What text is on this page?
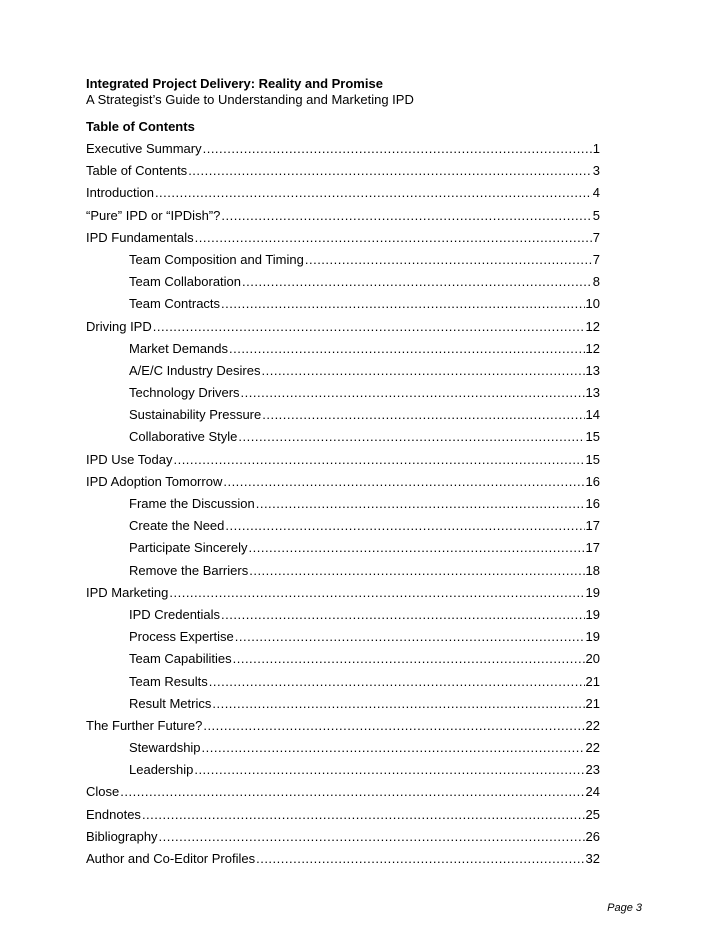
Integrated Project Delivery: Reality and Promise
A Strategist’s Guide to Understanding and Marketing IPD
Table of Contents
Executive Summary .....	1
Table of Contents .....	3
Introduction .....	4
“Pure” IPD or “IPDish”? .....	5
IPD Fundamentals .....	7
Team Composition and Timing .....	7
Team Collaboration .....	8
Team Contracts .....	10
Driving IPD .....	12
Market Demands .....	12
A/E/C Industry Desires .....	13
Technology Drivers .....	13
Sustainability Pressure .....	14
Collaborative Style .....	15
IPD Use Today .....	15
IPD Adoption Tomorrow .....	16
Frame the Discussion .....	16
Create the Need .....	17
Participate Sincerely .....	17
Remove the Barriers .....	18
IPD Marketing .....	19
IPD Credentials .....	19
Process Expertise .....	19
Team Capabilities .....	20
Team Results .....	21
Result Metrics .....	21
The Further Future? .....	22
Stewardship .....	22
Leadership .....	23
Close .....	24
Endnotes .....	25
Bibliography .....	26
Author and Co-Editor Profiles .....	32
Page 3
